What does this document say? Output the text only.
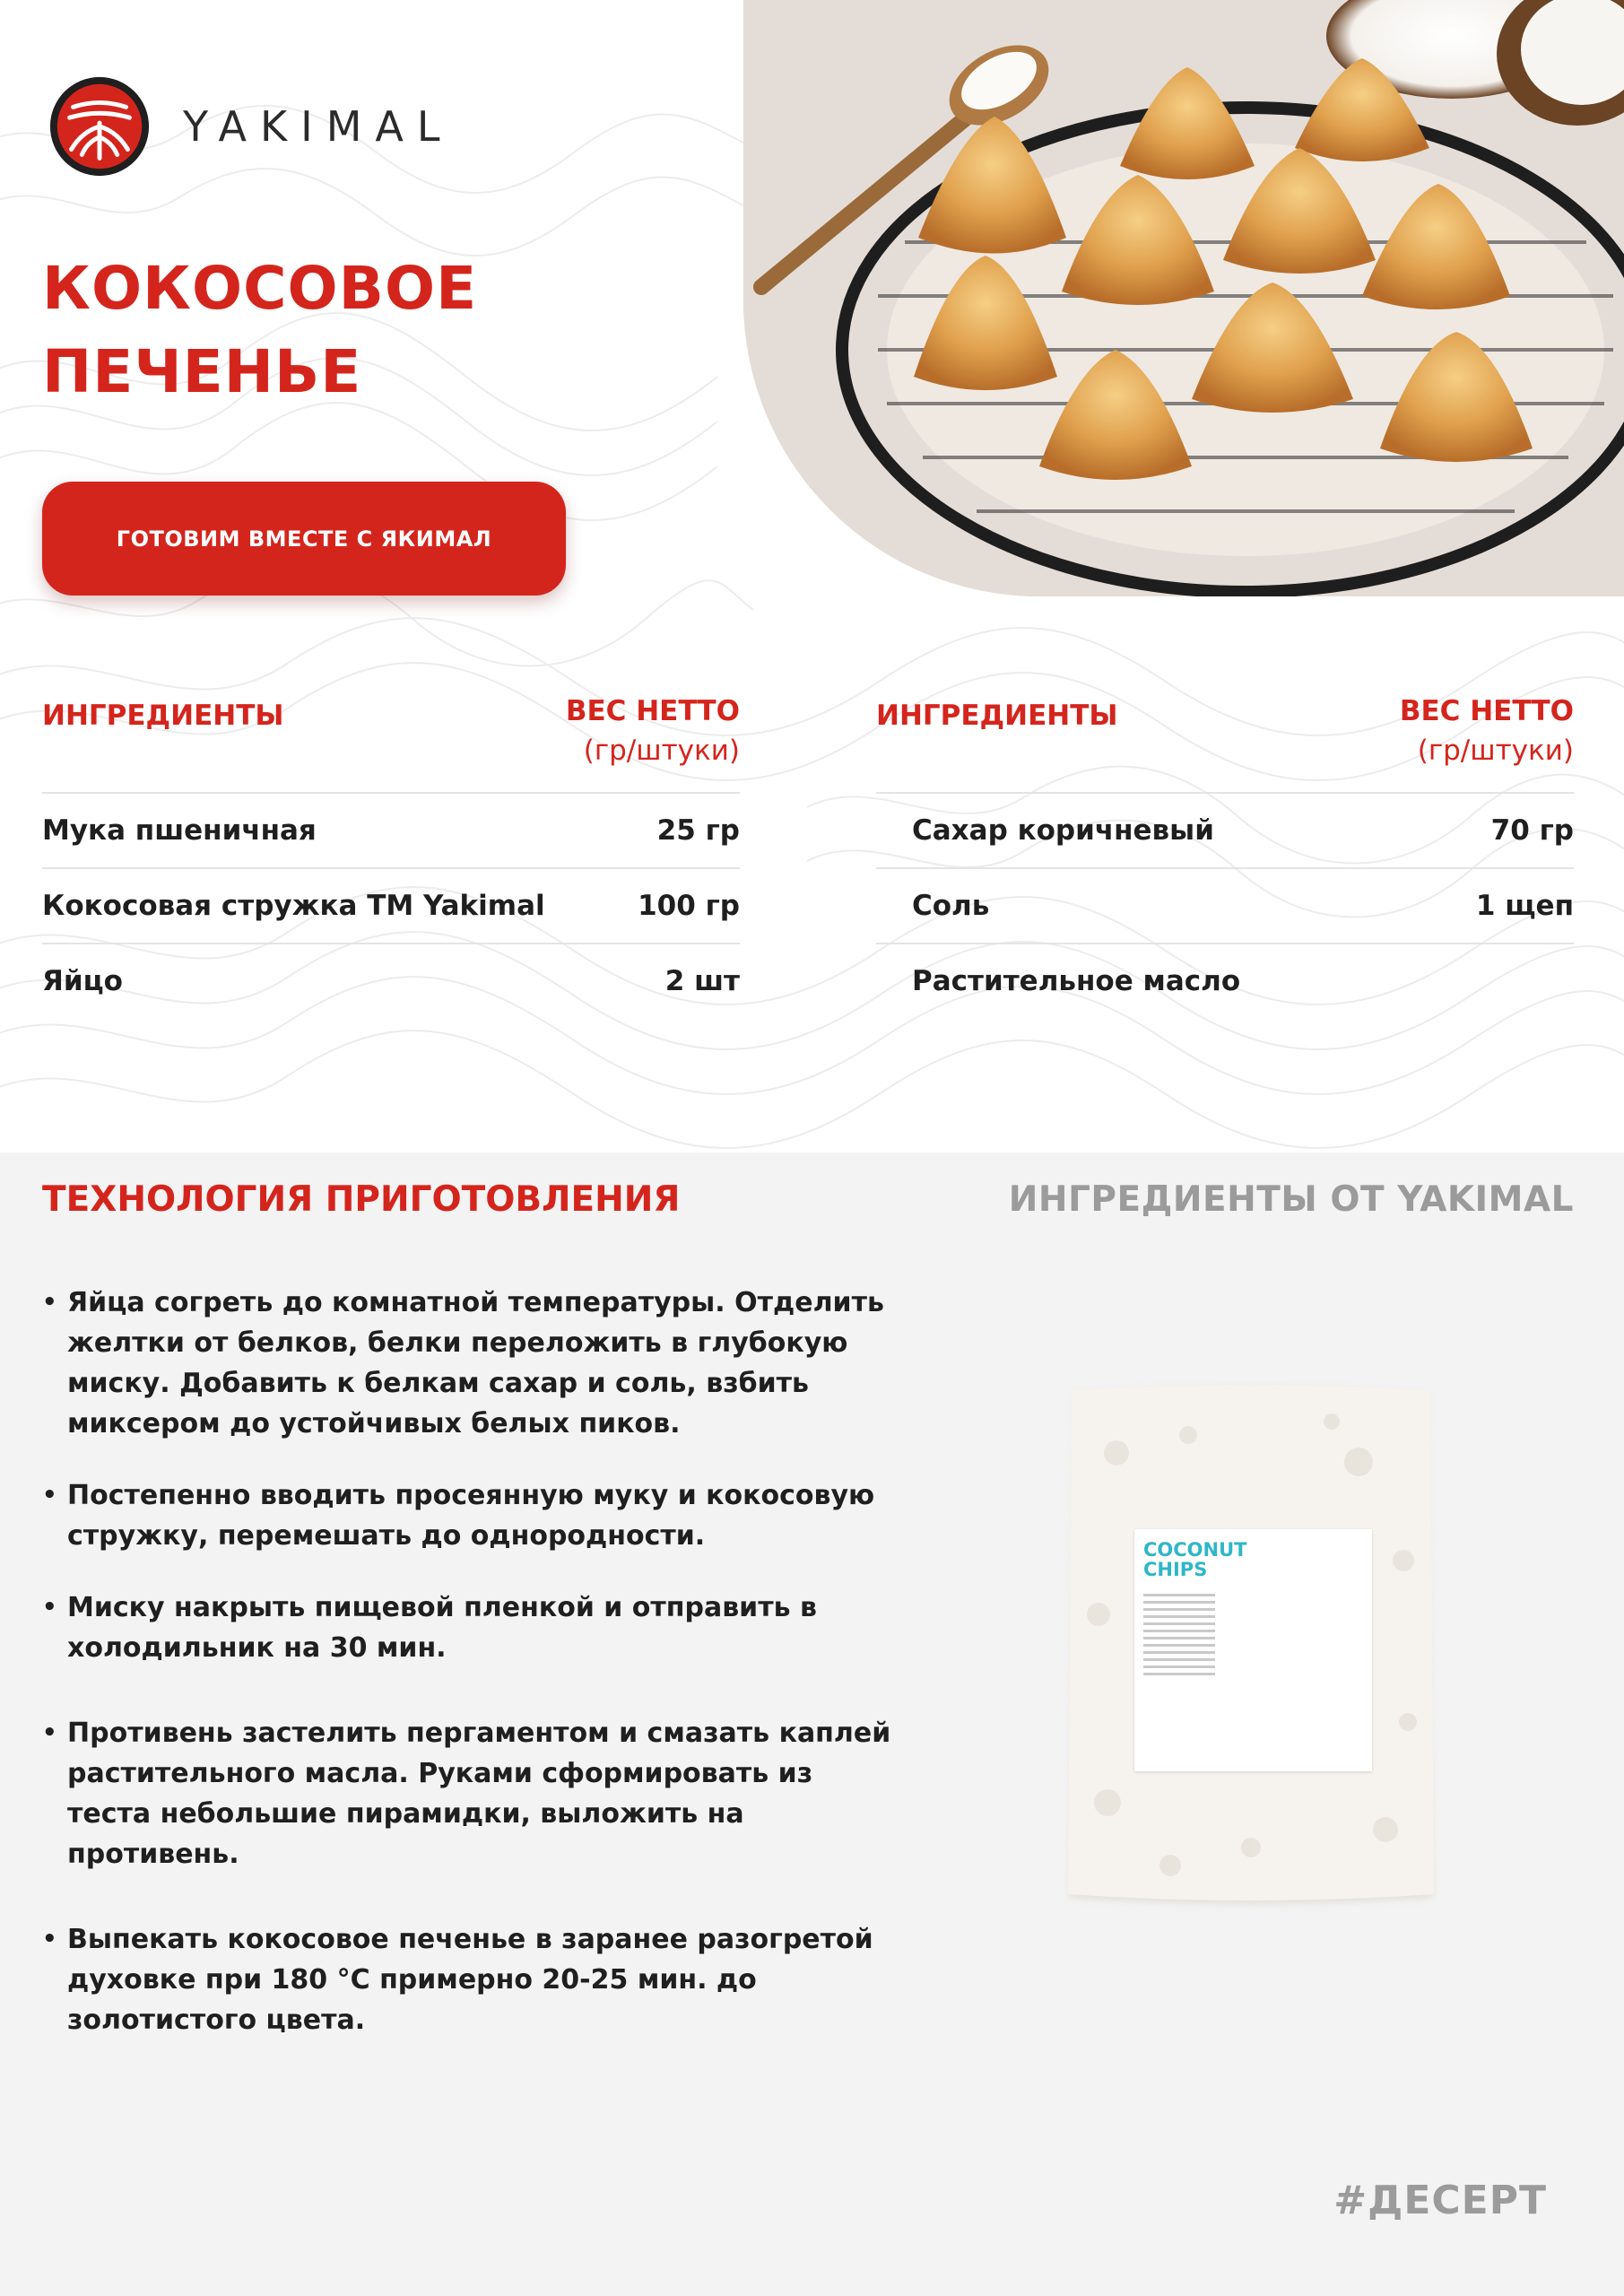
YAKIMAL
КОКОСОВОЕ
ПЕЧЕНЬЕ
ГОТОВИМ ВМЕСТЕ С ЯКИМАЛ
ИНГРЕДИЕНТЫ	ВЕС НЕТТО
(гр/штуки)
Мука пшеничная	25 гр
Кокосовая стружка ТМ Yakimal	100 гр
Яйцо	2 шт
ИНГРЕДИЕНТЫ	ВЕС НЕТТО
(гр/штуки)
Сахар коричневый	70 гр
Соль	1 щеп
Растительное масло
ТЕХНОЛОГИЯ ПРИГОТОВЛЕНИЯ	ИНГРЕДИЕНТЫ ОТ YAKIMAL
• Яйца согреть до комнатной температуры. Отделить желтки от белков, белки переложить в глубокую миску. Добавить к белкам сахар и соль, взбить миксером до устойчивых белых пиков.
• Постепенно вводить просеянную муку и кокосовую стружку, перемешать до однородности.
• Миску накрыть пищевой пленкой и отправить в холодильник на 30 мин.
• Противень застелить пергаментом и смазать каплей растительного масла. Руками сформировать из теста небольшие пирамидки, выложить на противень.
• Выпекать кокосовое печенье в заранее разогретой духовке при 180 °С примерно 20-25 мин. до золотистого цвета.
COCONUT
CHIPS
#ДЕСЕРТ
